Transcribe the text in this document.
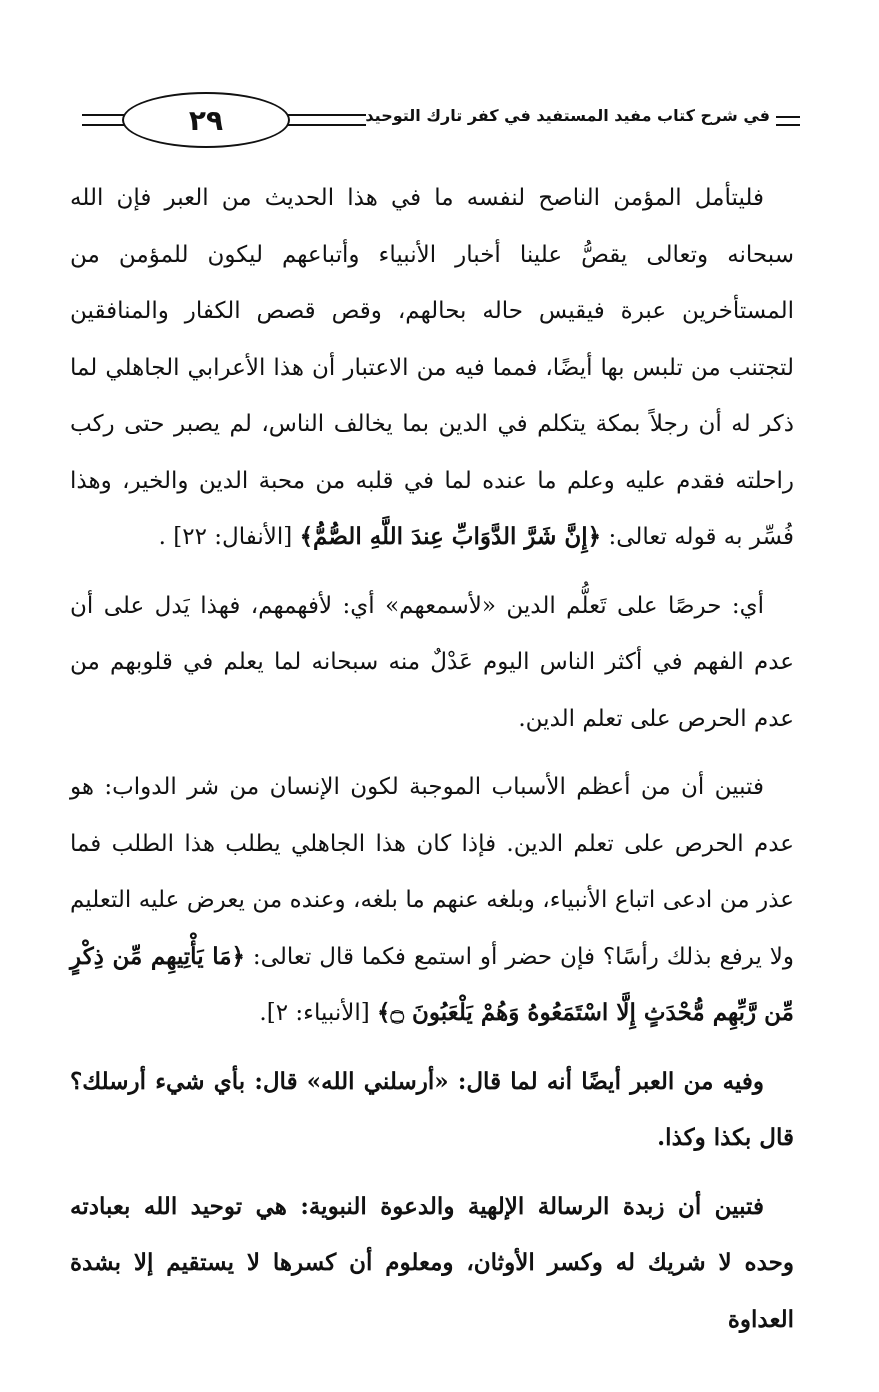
٢٩	في شرح كتاب مفيد المستفيد في كفر تارك التوحيد

فليتأمل المؤمن الناصح لنفسه ما في هذا الحديث من العبر فإن الله سبحانه وتعالى يقصُّ علينا أخبار الأنبياء وأتباعهم ليكون للمؤمن من المستأخرين عبرة فيقيس حاله بحالهم، وقص قصص الكفار والمنافقين لتجتنب من تلبس بها أيضًا، فمما فيه من الاعتبار أن هذا الأعرابي الجاهلي لما ذكر له أن رجلاً بمكة يتكلم في الدين بما يخالف الناس، لم يصبر حتى ركب راحلته فقدم عليه وعلم ما عنده لما في قلبه من محبة الدين والخير، وهذا فُسِّر به قوله تعالى: ﴿إِنَّ شَرَّ الدَّوَابِّ عِندَ اللَّهِ الصُّمُّ﴾ [الأنفال: ٢٢] .

أي: حرصًا على تَعلُّم الدين «لأسمعهم» أي: لأفهمهم، فهذا يَدل على أن عدم الفهم في أكثر الناس اليوم عَدْلٌ منه سبحانه لما يعلم في قلوبهم من عدم الحرص على تعلم الدين.

فتبين أن من أعظم الأسباب الموجبة لكون الإنسان من شر الدواب: هو عدم الحرص على تعلم الدين. فإذا كان هذا الجاهلي يطلب هذا الطلب فما عذر من ادعى اتباع الأنبياء، وبلغه عنهم ما بلغه، وعنده من يعرض عليه التعليم ولا يرفع بذلك رأسًا؟ فإن حضر أو استمع فكما قال تعالى: ﴿مَا يَأْتِيهِم مِّن ذِكْرٍ مِّن رَّبِّهِم مُّحْدَثٍ إِلَّا اسْتَمَعُوهُ وَهُمْ يَلْعَبُونَ ۝﴾ [الأنبياء: ٢].

وفيه من العبر أيضًا أنه لما قال: «أرسلني الله» قال: بأي شيء أرسلك؟ قال بكذا وكذا.

فتبين أن زبدة الرسالة الإلهية والدعوة النبوية: هي توحيد الله بعبادته وحده لا شريك له وكسر الأوثان، ومعلوم أن كسرها لا يستقيم إلا بشدة العداوة
